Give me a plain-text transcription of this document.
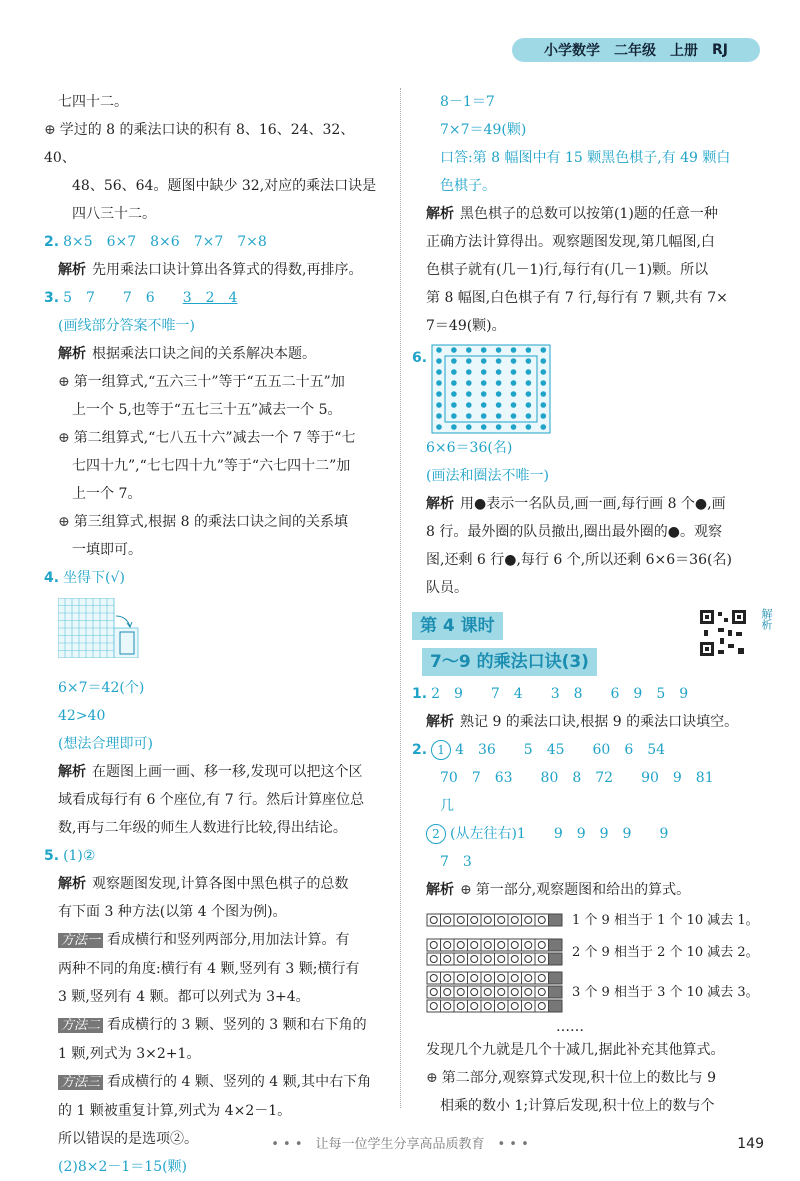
小学数学 二年级 上册 RJ

七四十二。

⊕ 学过的 8 的乘法口诀的积有 8、16、24、32、40、

48、56、64。题图中缺少 32,对应的乘法口诀是

四八三十二。

2. 8×5　6×7　8×6　7×7　7×8

解析 先用乘法口诀计算出各算式的得数,再排序。

3. 5　7　　7　6　　3　2　4

(画线部分答案不唯一)

解析 根据乘法口诀之间的关系解决本题。

⊕ 第一组算式,“五六三十”等于“五五二十五”加

上一个 5,也等于“五七三十五”减去一个 5。

⊕ 第二组算式,“七八五十六”减去一个 7 等于“七

七四十九”,“七七四十九”等于“六七四十二”加

上一个 7。

⊕ 第三组算式,根据 8 的乘法口诀之间的关系填

一填即可。

4. 坐得下(√)

6×7＝42(个)

42>40

(想法合理即可)

解析 在题图上画一画、移一移,发现可以把这个区

域看成每行有 6 个座位,有 7 行。然后计算座位总

数,再与二年级的师生人数进行比较,得出结论。

5. (1)②

解析 观察题图发现,计算各图中黑色棋子的总数

有下面 3 种方法(以第 4 个图为例)。

方法一 看成横行和竖列两部分,用加法计算。有

两种不同的角度:横行有 4 颗,竖列有 3 颗;横行有

3 颗,竖列有 4 颗。都可以列式为 3+4。

方法二 看成横行的 3 颗、竖列的 3 颗和右下角的

1 颗,列式为 3×2+1。

方法三 看成横行的 4 颗、竖列的 4 颗,其中右下角

的 1 颗被重复计算,列式为 4×2－1。

所以错误的是选项②。

(2)8×2－1＝15(颗)

8－1＝7

7×7＝49(颗)

口答:第 8 幅图中有 15 颗黑色棋子,有 49 颗白

色棋子。

解析 黑色棋子的总数可以按第(1)题的任意一种

正确方法计算得出。观察题图发现,第几幅图,白

色棋子就有(几－1)行,每行有(几－1)颗。所以

第 8 幅图,白色棋子有 7 行,每行有 7 颗,共有 7×

7＝49(颗)。

6.

6×6＝36(名)

(画法和圈法不唯一)

解析 用●表示一名队员,画一画,每行画 8 个●,画

8 行。最外圈的队员撤出,圈出最外圈的●。观察

图,还剩 6 行●,每行 6 个,所以还剩 6×6＝36(名)

队员。

第 4 课时
7～9 的乘法口诀(3)
解析

1. 2　9　　7　4　　3　8　　6　9　5　9

解析 熟记 9 的乘法口诀,根据 9 的乘法口诀填空。

2. 1 4　36　　5　45　　60　6　54

70　7　63　　80　8　72　　90　9　81

几

2 (从左往右)1　　9　9　9　9　　9

7　3

解析 ⊕ 第一部分,观察题图和给出的算式。

1 个 9 相当于 1 个 10 减去 1。
2 个 9 相当于 2 个 10 减去 2。
3 个 9 相当于 3 个 10 减去 3。

……

发现几个九就是几个十减几,据此补充其他算式。

⊕ 第二部分,观察算式发现,积十位上的数比与 9

相乘的数小 1;计算后发现,积十位上的数与个

• • •　让每一位学生分享高品质教育　• • •	149
